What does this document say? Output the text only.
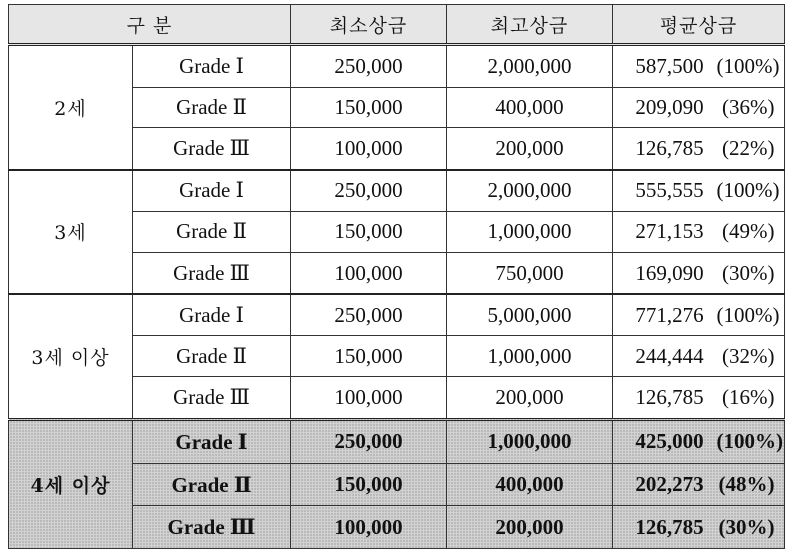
구 분		최소상금	최고상금	평균상금
2세	Grade Ⅰ	250,000	2,000,000	587,500 (100%)
	Grade Ⅱ	150,000	400,000	209,090 (36%)
	Grade Ⅲ	100,000	200,000	126,785 (22%)
3세	Grade Ⅰ	250,000	2,000,000	555,555 (100%)
	Grade Ⅱ	150,000	1,000,000	271,153 (49%)
	Grade Ⅲ	100,000	750,000	169,090 (30%)
3세 이상	Grade Ⅰ	250,000	5,000,000	771,276 (100%)
	Grade Ⅱ	150,000	1,000,000	244,444 (32%)
	Grade Ⅲ	100,000	200,000	126,785 (16%)
4세 이상	Grade Ⅰ	250,000	1,000,000	425,000 (100%)
	Grade Ⅱ	150,000	400,000	202,273 (48%)
	Grade Ⅲ	100,000	200,000	126,785 (30%)
